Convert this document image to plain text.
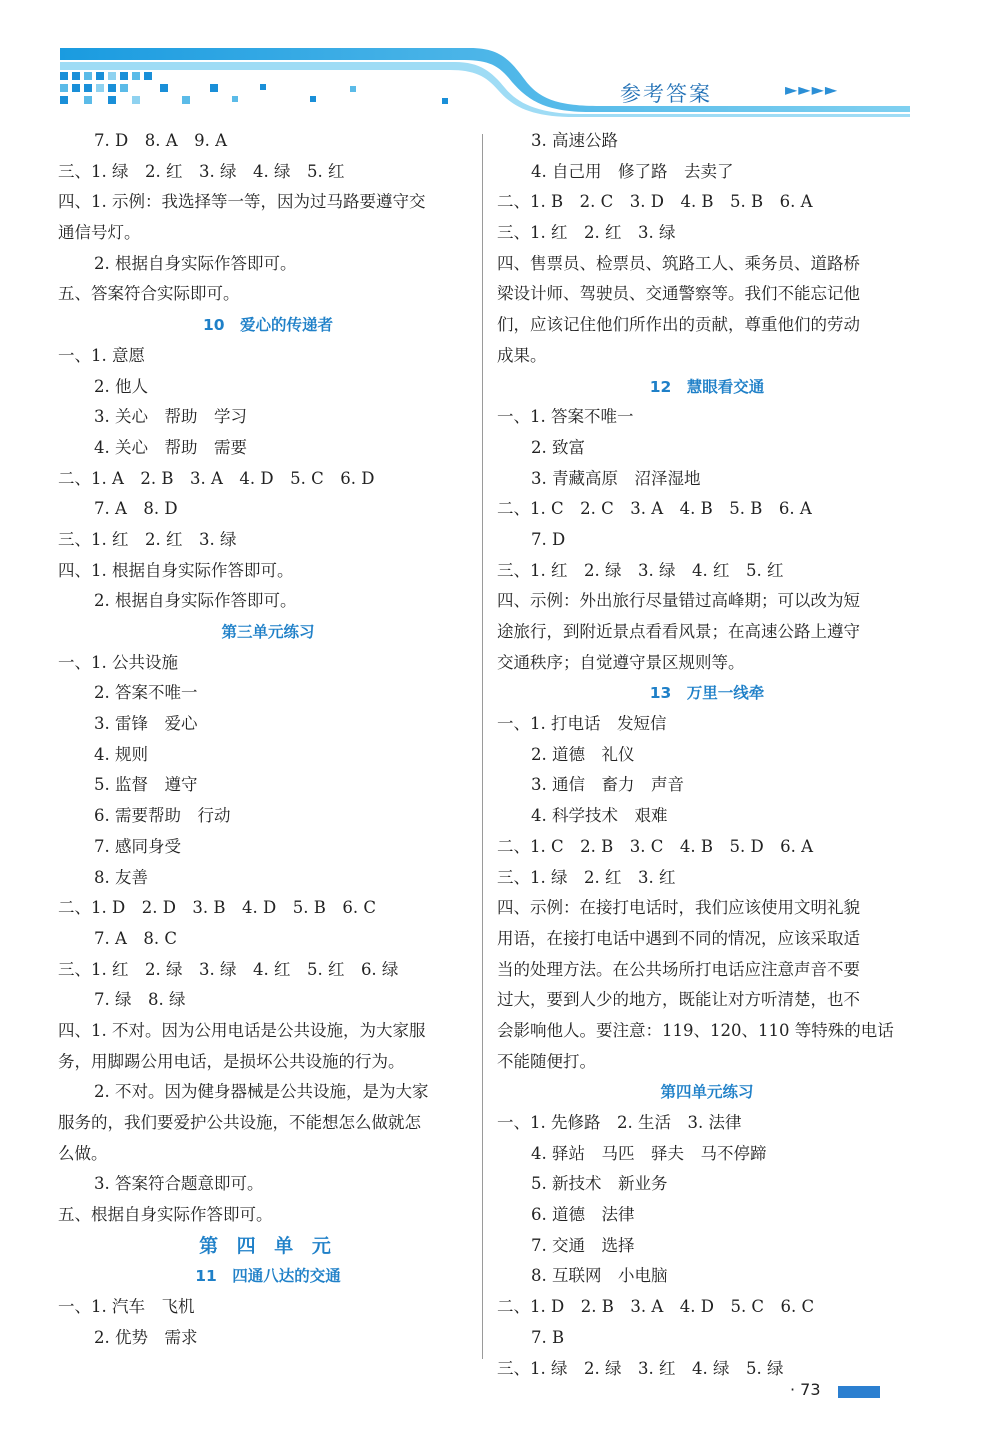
参考答案	►►►►
7. D　8. A　9. A
三、1. 绿　2. 红　3. 绿　4. 绿　5. 红
四、1. 示例：我选择等一等，因为过马路要遵守交
通信号灯。
2. 根据自身实际作答即可。
五、答案符合实际即可。
10　爱心的传递者
一、1. 意愿
2. 他人
3. 关心　帮助　学习
4. 关心　帮助　需要
二、1. A　2. B　3. A　4. D　5. C　6. D
7. A　8. D
三、1. 红　2. 红　3. 绿
四、1. 根据自身实际作答即可。
2. 根据自身实际作答即可。
第三单元练习
一、1. 公共设施
2. 答案不唯一
3. 雷锋　爱心
4. 规则
5. 监督　遵守
6. 需要帮助　行动
7. 感同身受
8. 友善
二、1. D　2. D　3. B　4. D　5. B　6. C
7. A　8. C
三、1. 红　2. 绿　3. 绿　4. 红　5. 红　6. 绿
7. 绿　8. 绿
四、1. 不对。因为公用电话是公共设施，为大家服
务，用脚踢公用电话，是损坏公共设施的行为。
2. 不对。因为健身器械是公共设施，是为大家
服务的，我们要爱护公共设施，不能想怎么做就怎
么做。
3. 答案符合题意即可。
五、根据自身实际作答即可。
第 四 单 元
11　四通八达的交通
一、1. 汽车　飞机
2. 优势　需求
3. 高速公路
4. 自己用　修了路　去卖了
二、1. B　2. C　3. D　4. B　5. B　6. A
三、1. 红　2. 红　3. 绿
四、售票员、检票员、筑路工人、乘务员、道路桥
梁设计师、驾驶员、交通警察等。我们不能忘记他
们，应该记住他们所作出的贡献，尊重他们的劳动
成果。
12　慧眼看交通
一、1. 答案不唯一
2. 致富
3. 青藏高原　沼泽湿地
二、1. C　2. C　3. A　4. B　5. B　6. A
7. D
三、1. 红　2. 绿　3. 绿　4. 红　5. 红
四、示例：外出旅行尽量错过高峰期；可以改为短
途旅行，到附近景点看看风景；在高速公路上遵守
交通秩序；自觉遵守景区规则等。
13　万里一线牵
一、1. 打电话　发短信
2. 道德　礼仪
3. 通信　畜力　声音
4. 科学技术　艰难
二、1. C　2. B　3. C　4. B　5. D　6. A
三、1. 绿　2. 红　3. 红
四、示例：在接打电话时，我们应该使用文明礼貌
用语，在接打电话中遇到不同的情况，应该采取适
当的处理方法。在公共场所打电话应注意声音不要
过大，要到人少的地方，既能让对方听清楚，也不
会影响他人。要注意：119、120、110 等特殊的电话
不能随便打。
第四单元练习
一、1. 先修路　2. 生活　3. 法律
4. 驿站　马匹　驿夫　马不停蹄
5. 新技术　新业务
6. 道德　法律
7. 交通　选择
8. 互联网　小电脑
二、1. D　2. B　3. A　4. D　5. C　6. C
7. B
三、1. 绿　2. 绿　3. 红　4. 绿　5. 绿
· 73
